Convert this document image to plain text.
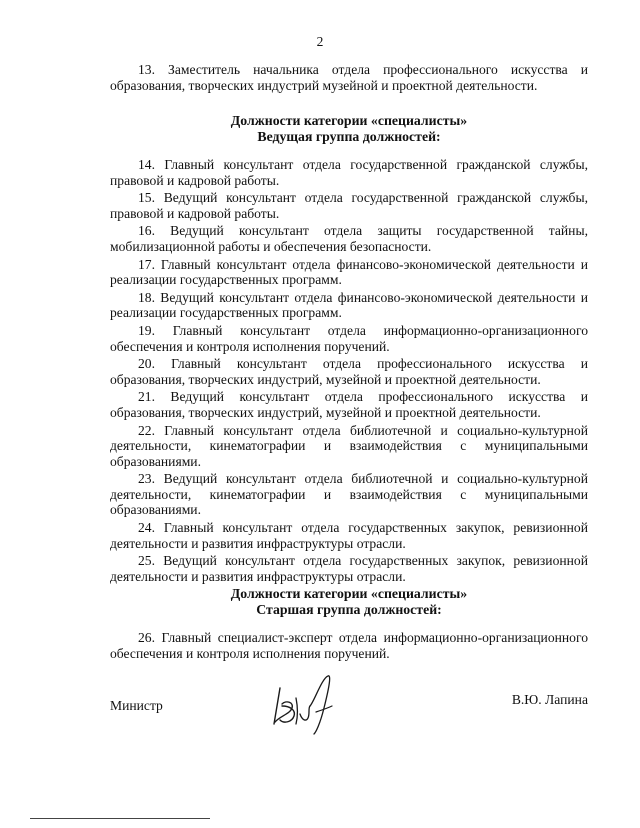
2

13. Заместитель начальника отдела профессионального искусства и образования, творческих индустрий музейной и проектной деятельности.

Должности категории «специалисты»
Ведущая группа должностей:

14. Главный консультант отдела государственной гражданской службы, правовой и кадровой работы.

15. Ведущий консультант отдела государственной гражданской службы, правовой и кадровой работы.

16. Ведущий консультант отдела защиты государственной тайны, мобилизационной работы и обеспечения безопасности.

17. Главный консультант отдела финансово-экономической деятельности и реализации государственных программ.

18. Ведущий консультант отдела финансово-экономической деятельности и реализации государственных программ.

19. Главный консультант отдела информационно-организационного обеспечения и контроля исполнения поручений.

20. Главный консультант отдела профессионального искусства и образования, творческих индустрий, музейной и проектной деятельности.

21. Ведущий консультант отдела профессионального искусства и образования, творческих индустрий, музейной и проектной деятельности.

22. Главный консультант отдела библиотечной и социально-культурной деятельности, кинематографии и взаимодействия с муниципальными образованиями.

23. Ведущий консультант отдела библиотечной и социально-культурной деятельности, кинематографии и взаимодействия с муниципальными образованиями.

24. Главный консультант отдела государственных закупок, ревизионной деятельности и развития инфраструктуры отрасли.

25. Ведущий консультант отдела государственных закупок, ревизионной деятельности и развития инфраструктуры отрасли.

Должности категории «специалисты»
Старшая группа должностей:

26. Главный специалист-эксперт отдела информационно-организационного обеспечения и контроля исполнения поручений.

Министр	В.Ю. Лапина
